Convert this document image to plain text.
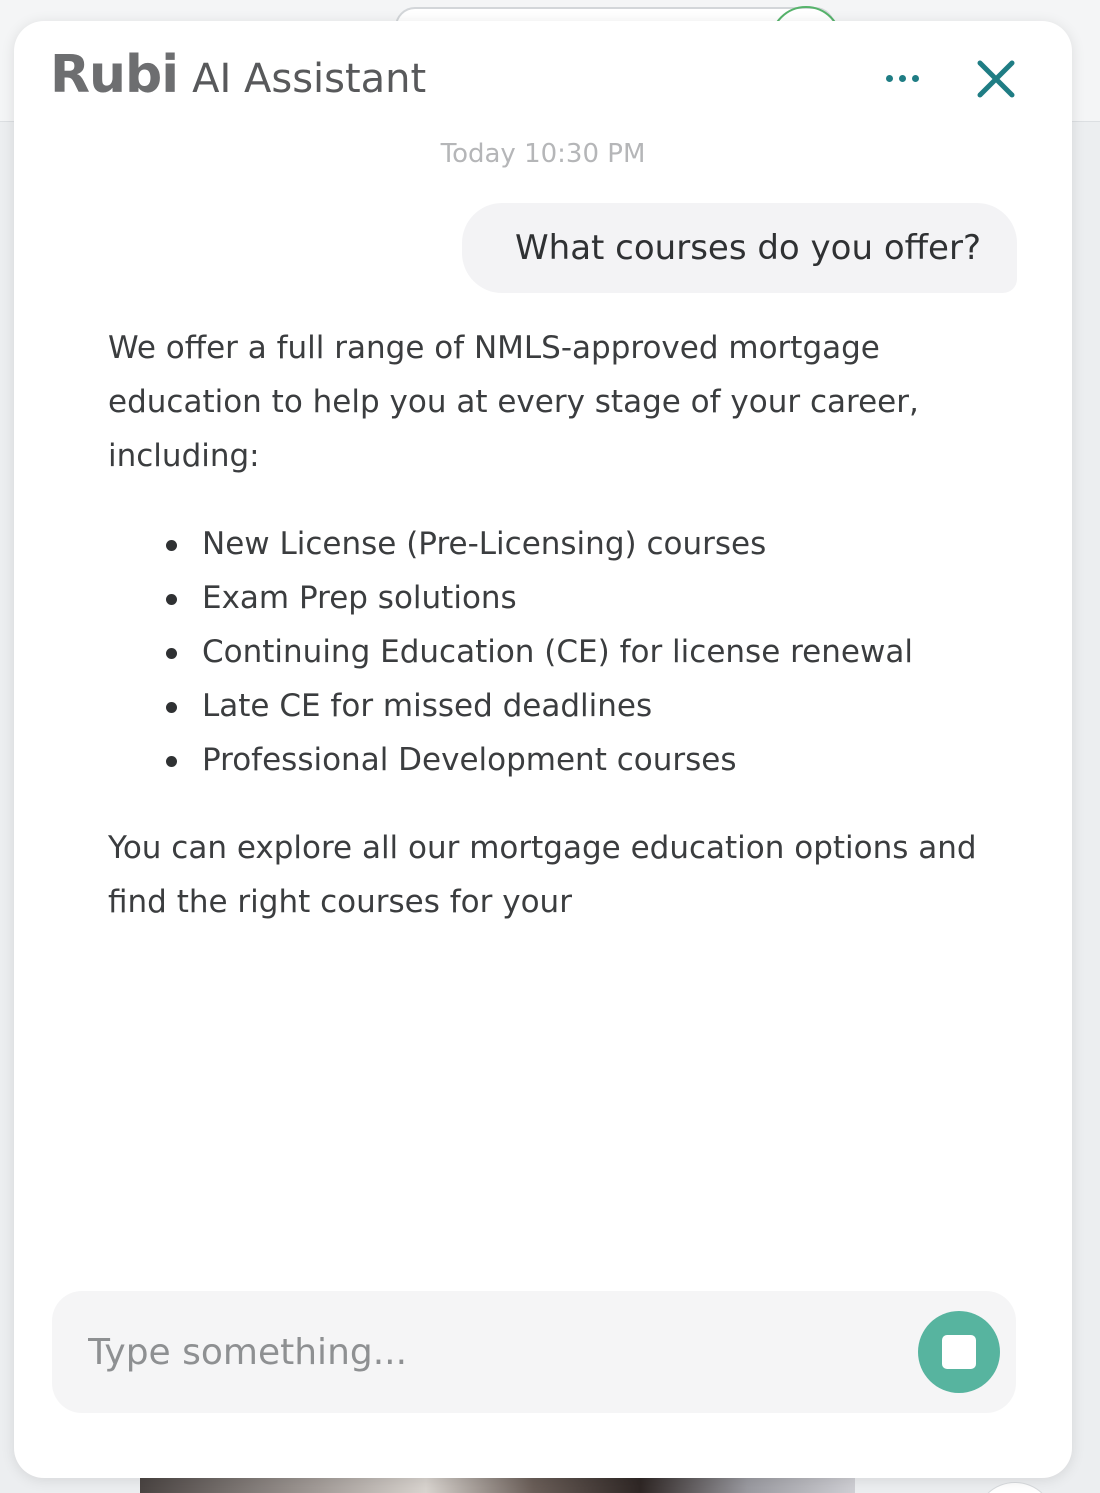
Rubi AI Assistant
Today 10:30 PM
What courses do you offer?

We offer a full range of NMLS-approved mortgage education to help you at every stage of your career, including:

New License (Pre-Licensing) courses
Exam Prep solutions
Continuing Education (CE) for license renewal
Late CE for missed deadlines
Professional Development courses

You can explore all our mortgage education options and find the right courses for your

Type something...
